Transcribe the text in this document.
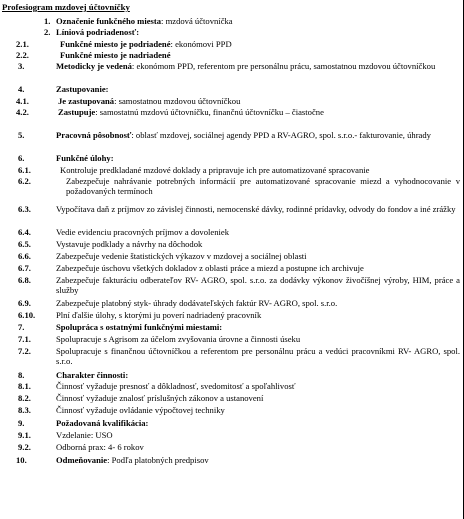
Profesiogram mzdovej účtovníčky
1. Označenie funkčného miesta: mzdová účtovníčka
2. Líniová podriadenosť:
2.1.	Funkčné miesto je podriadené: ekonómovi PPD
2.2.	Funkčné miesto je nadriadené
3.	Metodicky je vedená: ekonómom PPD, referentom pre personálnu prácu, samostatnou mzdovou účtovníčkou
4.	Zastupovanie:
4.1.	Je zastupovaná: samostatnou mzdovou účtovníčkou
4.2.	Zastupuje: samostatnú mzdovú účtovníčku, finančnú účtovníčku – čiastočne
5.	Pracovná pôsobnosť: oblasť mzdovej, sociálnej agendy PPD a RV-AGRO, spol. s.r.o.- fakturovanie, úhrady
6.	Funkčné úlohy:
6.1.	Kontroluje predkladané mzdové doklady a pripravuje ich pre automatizované spracovanie
6.2.	Zabezpečuje nahrávanie potrebných informácií pre automatizované spracovanie miezd a vyhodnocovanie v požadovaných termínoch
6.3.	Vypočítava daň z príjmov zo závislej činnosti, nemocenské dávky, rodinné prídavky, odvody do fondov a iné zrážky
6.4.	Vedie evidenciu pracovných príjmov a dovoleniek
6.5.	Vystavuje podklady a návrhy na dôchodok
6.6.	Zabezpečuje vedenie štatistických výkazov v mzdovej a sociálnej oblasti
6.7.	Zabezpečuje úschovu všetkých dokladov z oblasti práce a miezd a postupne ich archivuje
6.8.	Zabezpečuje fakturáciu odberateľov RV- AGRO, spol. s.r.o. za dodávky výkonov živočíšnej výroby, HIM, práce a služby
6.9.	Zabezpečuje platobný styk- úhrady dodávateľských faktúr RV- AGRO, spol. s.r.o.
6.10.	Plní ďalšie úlohy, s ktorými ju poverí nadriadený pracovník
7.	Spolupráca s ostatnými funkčnými miestami:
7.1.	Spolupracuje s Agrisom za účelom zvyšovania úrovne a činnosti úseku
7.2.	Spolupracuje s finančnou účtovníčkou a referentom pre personálnu prácu a vedúci pracovníkmi RV- AGRO, spol. s.r.o.
8.	Charakter činnosti:
8.1.	Činnosť vyžaduje presnosť a dôkladnosť, svedomitosť a spoľahlivosť
8.2.	Činnosť vyžaduje znalosť príslušných zákonov a ustanovení
8.3.	Činnosť vyžaduje ovládanie výpočtovej techniky
9.	Požadovaná kvalifikácia:
9.1.	Vzdelanie: USO
9.2.	Odborná prax: 4- 6 rokov
10.	Odmeňovanie: Podľa platobných predpisov
